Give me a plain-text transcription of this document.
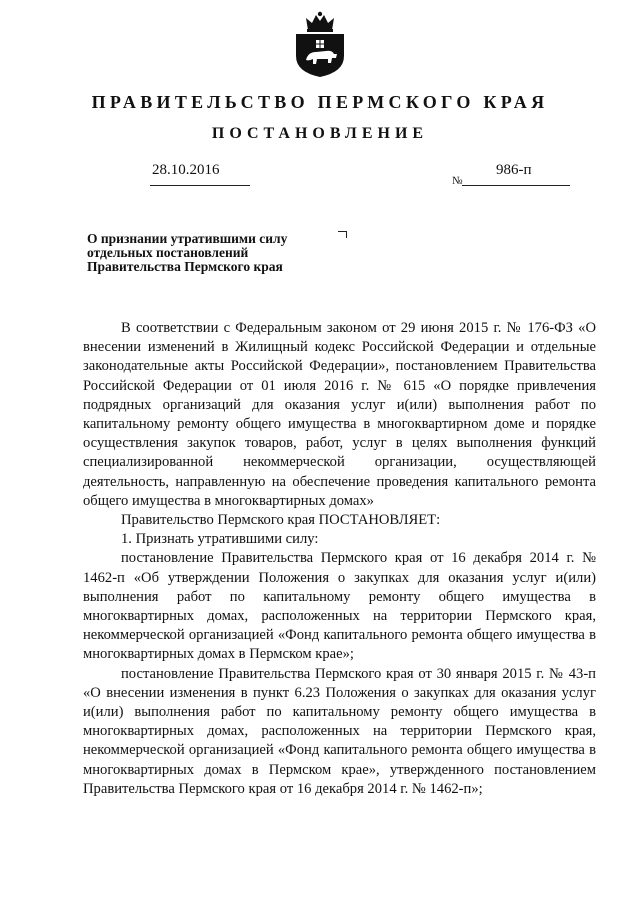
ПРАВИТЕЛЬСТВО ПЕРМСКОГО КРАЯ
ПОСТАНОВЛЕНИЕ
28.10.2016
№
986-п
О признании утратившими силу
отдельных постановлений
Правительства Пермского края

В соответствии с Федеральным законом от 29 июня 2015 г. № 176-ФЗ «О внесении изменений в Жилищный кодекс Российской Федерации и отдельные законодательные акты Российской Федерации», постановлением Правительства Российской Федерации от 01 июля 2016 г. № 615 «О порядке привлечения подрядных организаций для оказания услуг и(или) выполнения работ по капитальному ремонту общего имущества в многоквартирном доме и порядке осуществления закупок товаров, работ, услуг в целях выполнения функций специализированной некоммерческой организации, осуществляющей деятельность, направленную на обеспечение проведения капитального ремонта общего имущества в многоквартирных домах»

Правительство Пермского края ПОСТАНОВЛЯЕТ:

1. Признать утратившими силу:

постановление Правительства Пермского края от 16 декабря 2014 г. № 1462-п «Об утверждении Положения о закупках для оказания услуг и(или) выполнения работ по капитальному ремонту общего имущества в многоквартирных домах, расположенных на территории Пермского края, некоммерческой организацией «Фонд капитального ремонта общего имущества в многоквартирных домах в Пермском крае»;

постановление Правительства Пермского края от 30 января 2015 г. № 43-п «О внесении изменения в пункт 6.23 Положения о закупках для оказания услуг и(или) выполнения работ по капитальному ремонту общего имущества в многоквартирных домах, расположенных на территории Пермского края, некоммерческой организацией «Фонд капитального ремонта общего имущества в многоквартирных домах в Пермском крае», утвержденного постановлением Правительства Пермского края от 16 декабря 2014 г. № 1462-п»;
